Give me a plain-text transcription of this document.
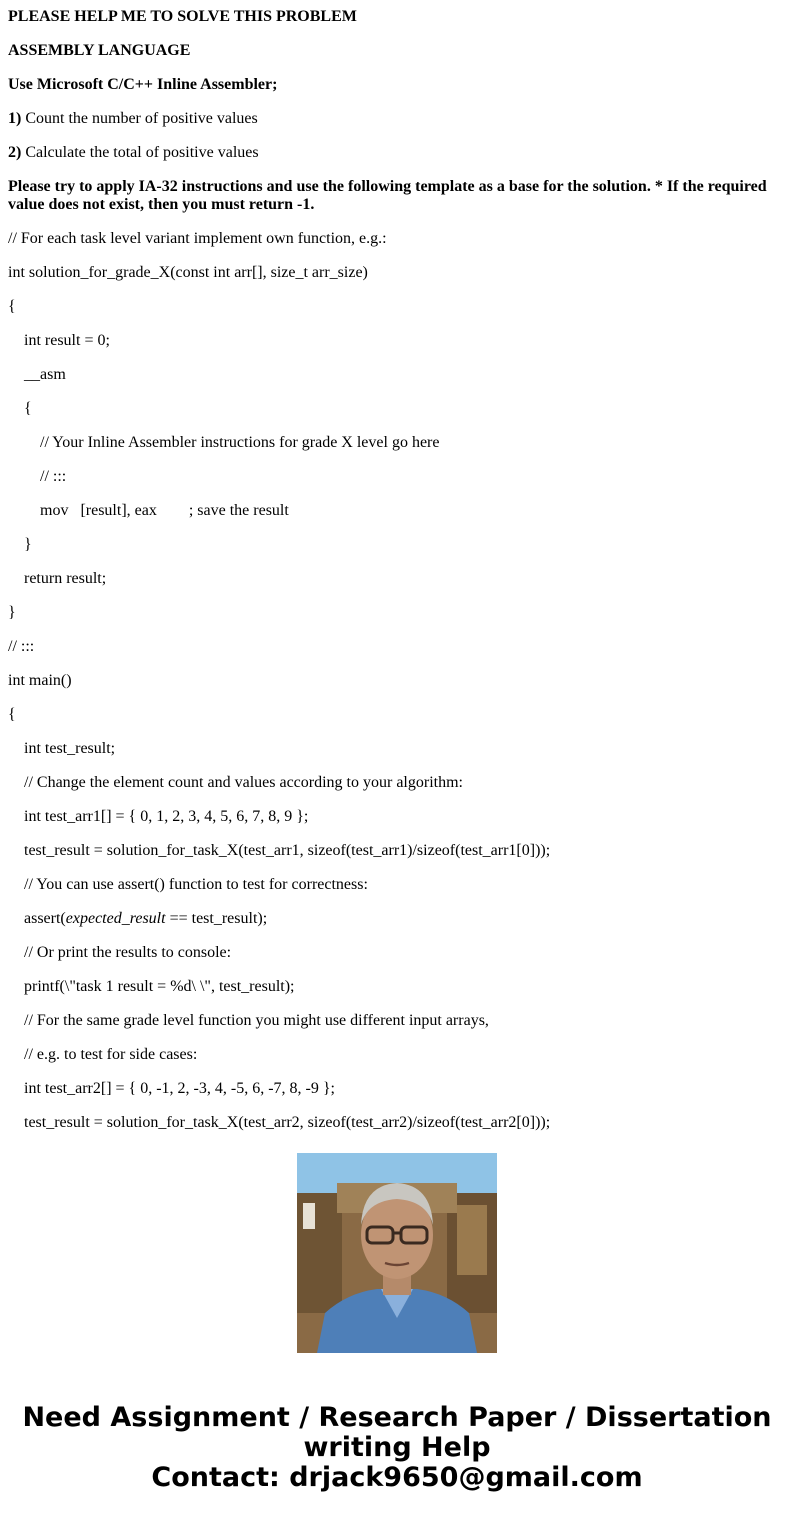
PLEASE HELP ME TO SOLVE THIS PROBLEM

ASSEMBLY LANGUAGE

Use Microsoft C/C++ Inline Assembler;

1) Count the number of positive values

2) Calculate the total of positive values

Please try to apply IA-32 instructions and use the following template as a base for the solution. * If the required value does not exist, then you must return -1.

// For each task level variant implement own function, e.g.:

int solution_for_grade_X(const int arr[], size_t arr_size)

{

int result = 0;

__asm

{

// Your Inline Assembler instructions for grade X level go here

// :::

mov   [result], eax        ; save the result

}

return result;

}

// :::

int main()

{

int test_result;

// Change the element count and values according to your algorithm:

int test_arr1[] = { 0, 1, 2, 3, 4, 5, 6, 7, 8, 9 };

test_result = solution_for_task_X(test_arr1, sizeof(test_arr1)/sizeof(test_arr1[0]));

// You can use assert() function to test for correctness:

assert(expected_result == test_result);

// Or print the results to console:

printf(\"task 1 result = %d\ \", test_result);

// For the same grade level function you might use different input arrays,

// e.g. to test for side cases:

int test_arr2[] = { 0, -1, 2, -3, 4, -5, 6, -7, 8, -9 };

test_result = solution_for_task_X(test_arr2, sizeof(test_arr2)/sizeof(test_arr2[0]));

Need Assignment / Research Paper / Dissertation
writing Help
Contact: drjack9650@gmail.com
